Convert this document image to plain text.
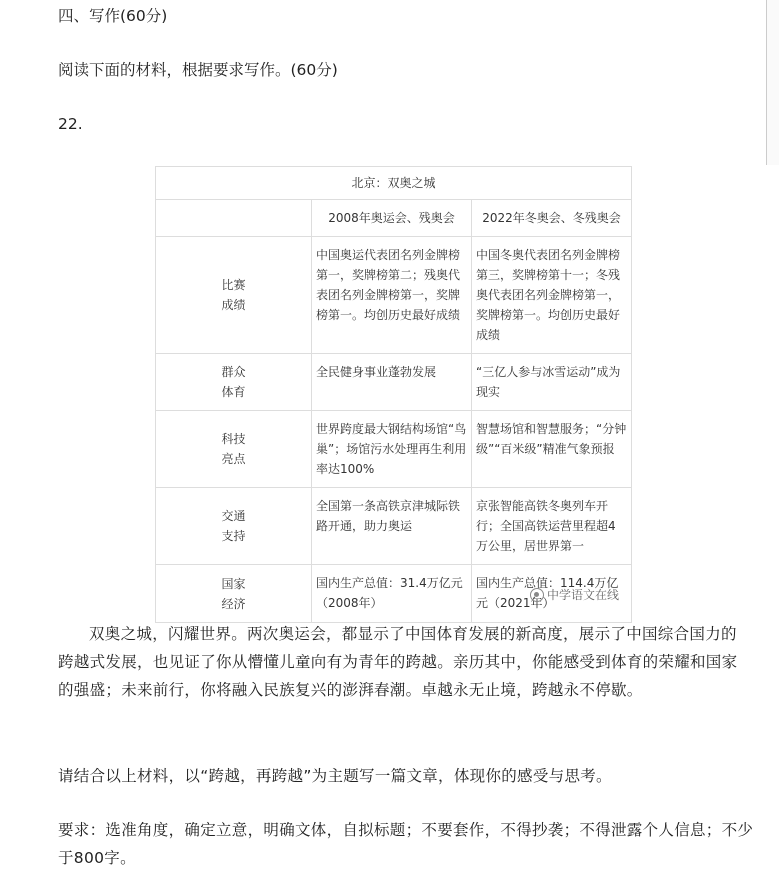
四、写作(60分)
阅读下面的材料，根据要求写作。(60分)
22.
北京：双奥之城		
	2008年奥运会、残奥会	2022年冬奥会、冬残奥会
比赛
成绩	中国奥运代表团名列金牌榜第一，奖牌榜第二；残奥代表团名列金牌榜第一，奖牌榜第一。均创历史最好成绩	中国冬奥代表团名列金牌榜第三，奖牌榜第十一；冬残奥代表团名列金牌榜第一，奖牌榜第一。均创历史最好成绩
群众
体育	全民健身事业蓬勃发展	“三亿人参与冰雪运动”成为现实
科技
亮点	世界跨度最大钢结构场馆“鸟巢”；场馆污水处理再生利用率达100%	智慧场馆和智慧服务；“分钟级”“百米级”精准气象预报
交通
支持	全国第一条高铁京津城际铁路开通，助力奥运	京张智能高铁冬奥列车开行；全国高铁运营里程超4万公里，居世界第一
国家
经济	国内生产总值：31.4万亿元（2008年）	国内生产总值：114.4万亿元（2021年）
中学语文在线
双奥之城，闪耀世界。两次奥运会，都显示了中国体育发展的新高度，展示了中国综合国力的跨越式发展，也见证了你从懵懂儿童向有为青年的跨越。亲历其中，你能感受到体育的荣耀和国家的强盛；未来前行，你将融入民族复兴的澎湃春潮。卓越永无止境，跨越永不停歇。
请结合以上材料，以“跨越，再跨越”为主题写一篇文章，体现你的感受与思考。
要求：选准角度，确定立意，明确文体，自拟标题；不要套作，不得抄袭；不得泄露个人信息；不少于800字。
